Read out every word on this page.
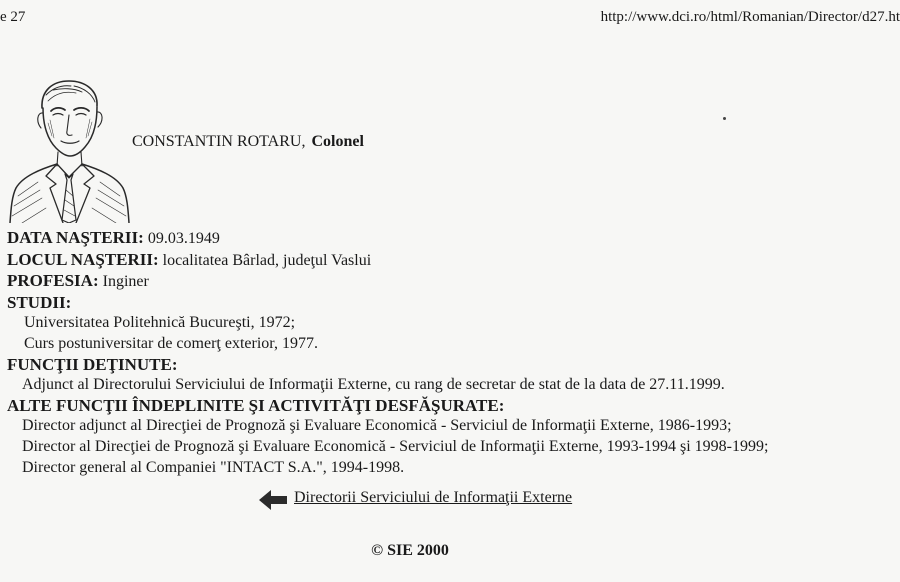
e 27	http://www.dci.ro/html/Romanian/Director/d27.ht
CONSTANTIN ROTARU, Colonel
DATA NAŞTERII: 09.03.1949
LOCUL NAŞTERII: localitatea Bârlad, judeţul Vaslui
PROFESIA: Inginer
STUDII:
Universitatea Politehnică Bucureşti, 1972;
Curs postuniversitar de comerţ exterior, 1977.
FUNCŢII DEŢINUTE:
Adjunct al Directorului Serviciului de Informaţii Externe, cu rang de secretar de stat de la data de 27.11.1999.
ALTE FUNCŢII ÎNDEPLINITE ŞI ACTIVITĂŢI DESFĂŞURATE:
Director adjunct al Direcţiei de Prognoză şi Evaluare Economică - Serviciul de Informaţii Externe, 1986-1993;
Director al Direcţiei de Prognoză şi Evaluare Economică - Serviciul de Informaţii Externe, 1993-1994 şi 1998-1999;
Director general al Companiei "INTACT S.A.", 1994-1998.
Directorii Serviciului de Informaţii Externe
© SIE 2000
